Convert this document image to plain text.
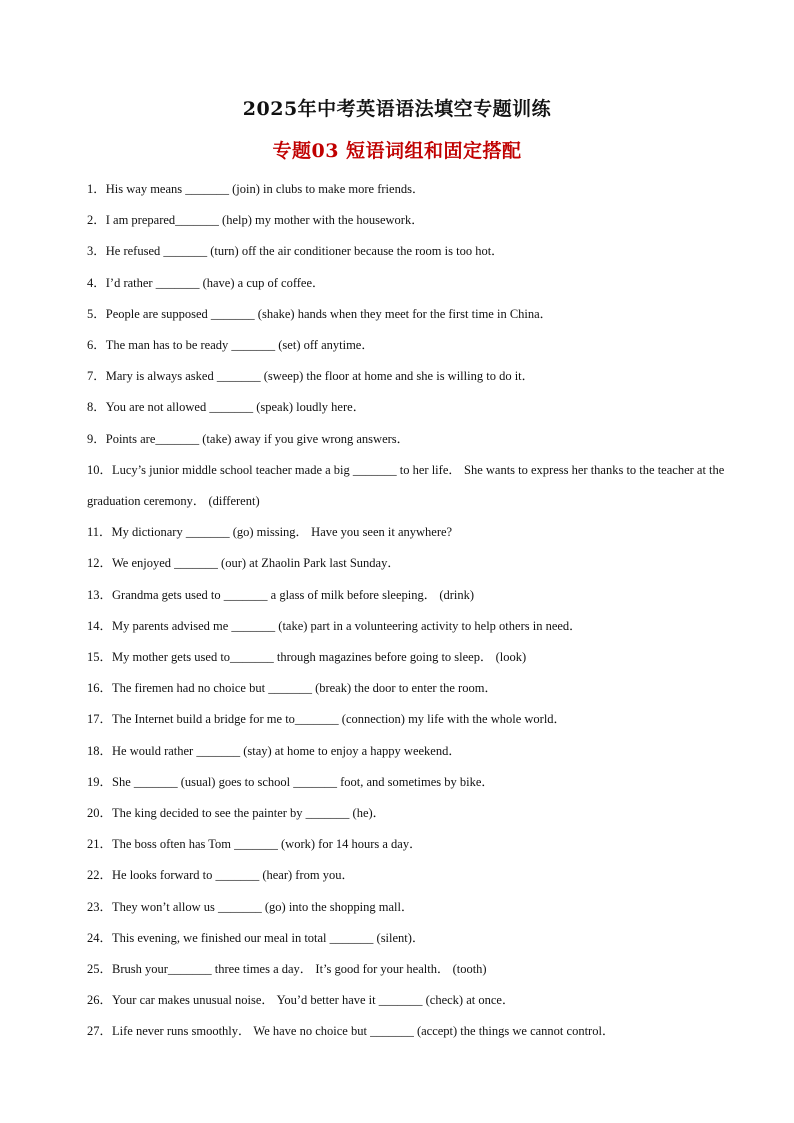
2025年中考英语语法填空专题训练
专题03 短语词组和固定搭配
1．His way means _______ (join) in clubs to make more friends．
2．I am prepared_______ (help) my mother with the housework．
3．He refused _______ (turn) off the air conditioner because the room is too hot．
4．I’d rather _______ (have) a cup of coffee．
5．People are supposed _______ (shake) hands when they meet for the first time in China．
6．The man has to be ready _______ (set) off anytime．
7．Mary is always asked _______ (sweep) the floor at home and she is willing to do it．
8．You are not allowed _______ (speak) loudly here．
9．Points are_______ (take) away if you give wrong answers．
10．Lucy’s junior middle school teacher made a big _______ to her life． She wants to express her thanks to the teacher at the graduation ceremony． (different)
11．My dictionary _______ (go) missing． Have you seen it anywhere?
12．We enjoyed _______ (our) at Zhaolin Park last Sunday．
13．Grandma gets used to _______ a glass of milk before sleeping． (drink)
14．My parents advised me _______ (take) part in a volunteering activity to help others in need．
15．My mother gets used to_______ through magazines before going to sleep． (look)
16．The firemen had no choice but _______ (break) the door to enter the room．
17．The Internet build a bridge for me to_______ (connection) my life with the whole world．
18．He would rather _______ (stay) at home to enjoy a happy weekend．
19．She _______ (usual) goes to school _______ foot, and sometimes by bike．
20．The king decided to see the painter by _______ (he)．
21．The boss often has Tom _______ (work) for 14 hours a day．
22．He looks forward to _______ (hear) from you．
23．They won’t allow us _______ (go) into the shopping mall．
24．This evening, we finished our meal in total _______ (silent)．
25．Brush your_______ three times a day． It’s good for your health． (tooth)
26．Your car makes unusual noise． You’d better have it _______ (check) at once．
27．Life never runs smoothly． We have no choice but _______ (accept) the things we cannot control．
